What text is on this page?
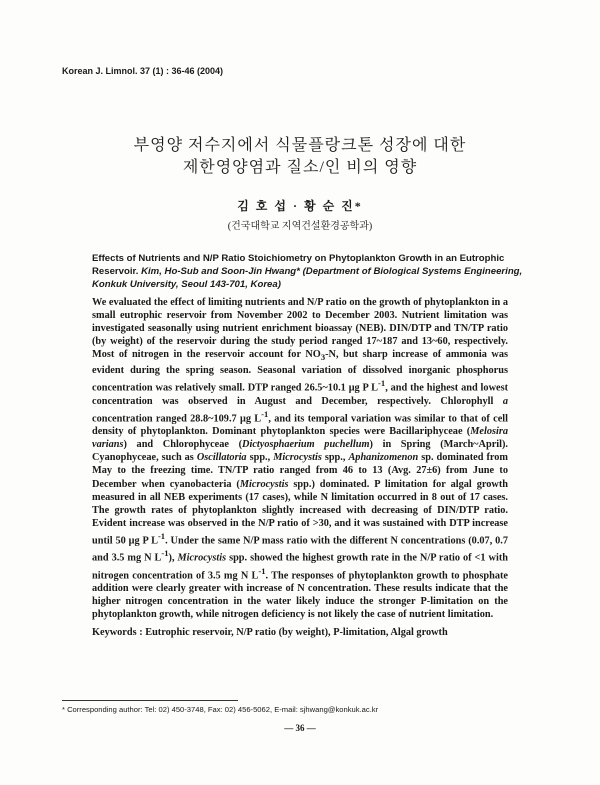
Korean J. Limnol. 37 (1) : 36-46 (2004)
부영양 저수지에서 식물플랑크톤 성장에 대한
제한영양염과 질소/인 비의 영향
김 호 섭 · 황 순 진*
(건국대학교 지역건설환경공학과)
Effects of Nutrients and N/P Ratio Stoichiometry on Phytoplankton Growth in an Eutrophic Reservoir. Kim, Ho-Sub and Soon-Jin Hwang* (Department of Biological Systems Engineering, Konkuk University, Seoul 143-701, Korea)
We evaluated the effect of limiting nutrients and N/P ratio on the growth of phytoplankton in a small eutrophic reservoir from November 2002 to December 2003. Nutrient limitation was investigated seasonally using nutrient enrichment bioassay (NEB). DIN/DTP and TN/TP ratio (by weight) of the reservoir during the study period ranged 17~187 and 13~60, respectively. Most of nitrogen in the reservoir account for $NO_3-N$, but sharp increase of ammonia was evident during the spring season. Seasonal variation of dissolved inorganic phosphorus concentration was relatively small. DTP ranged 26.5~10.1 μg P $L^{-1}$, and the highest and lowest concentration was observed in August and December, respectively. Chlorophyll a concentration ranged 28.8~109.7 μg $L^{-1}$, and its temporal variation was similar to that of cell density of phytoplankton. Dominant phytoplankton species were Bacillariphyceae (Melosira varians) and Chlorophyceae (Dictyosphaerium puchellum) in Spring (March~April). Cyanophyceae, such as Oscillatoria spp., Microcystis spp., Aphanizomenon sp. dominated from May to the freezing time. TN/TP ratio ranged from 46 to 13 (Avg. 27±6) from June to December when cyanobacteria (Microcystis spp.) dominated. P limitation for algal growth measured in all NEB experiments (17 cases), while N limitation occurred in 8 out of 17 cases. The growth rates of phytoplankton slightly increased with decreasing of DIN/DTP ratio. Evident increase was observed in the N/P ratio of >30, and it was sustained with DTP increase until 50 μg P $L^{-1}$. Under the same N/P mass ratio with the different N concentrations (0.07, 0.7 and 3.5 mg N $L^{-1}$), Microcystis spp. showed the highest growth rate in the N/P ratio of <1 with nitrogen concentration of 3.5 mg N $L^{-1}$. The responses of phytoplankton growth to phosphate addition were clearly greater with increase of N concentration. These results indicate that the higher nitrogen concentration in the water likely induce the stronger P-limitation on the phytoplankton growth, while nitrogen deficiency is not likely the case of nutrient limitation.
Keywords : Eutrophic reservoir, N/P ratio (by weight), P-limitation, Algal growth
* Corresponding author: Tel: 02) 450-3748, Fax: 02) 456-5062, E-mail: sjhwang@konkuk.ac.kr
— 36 —
